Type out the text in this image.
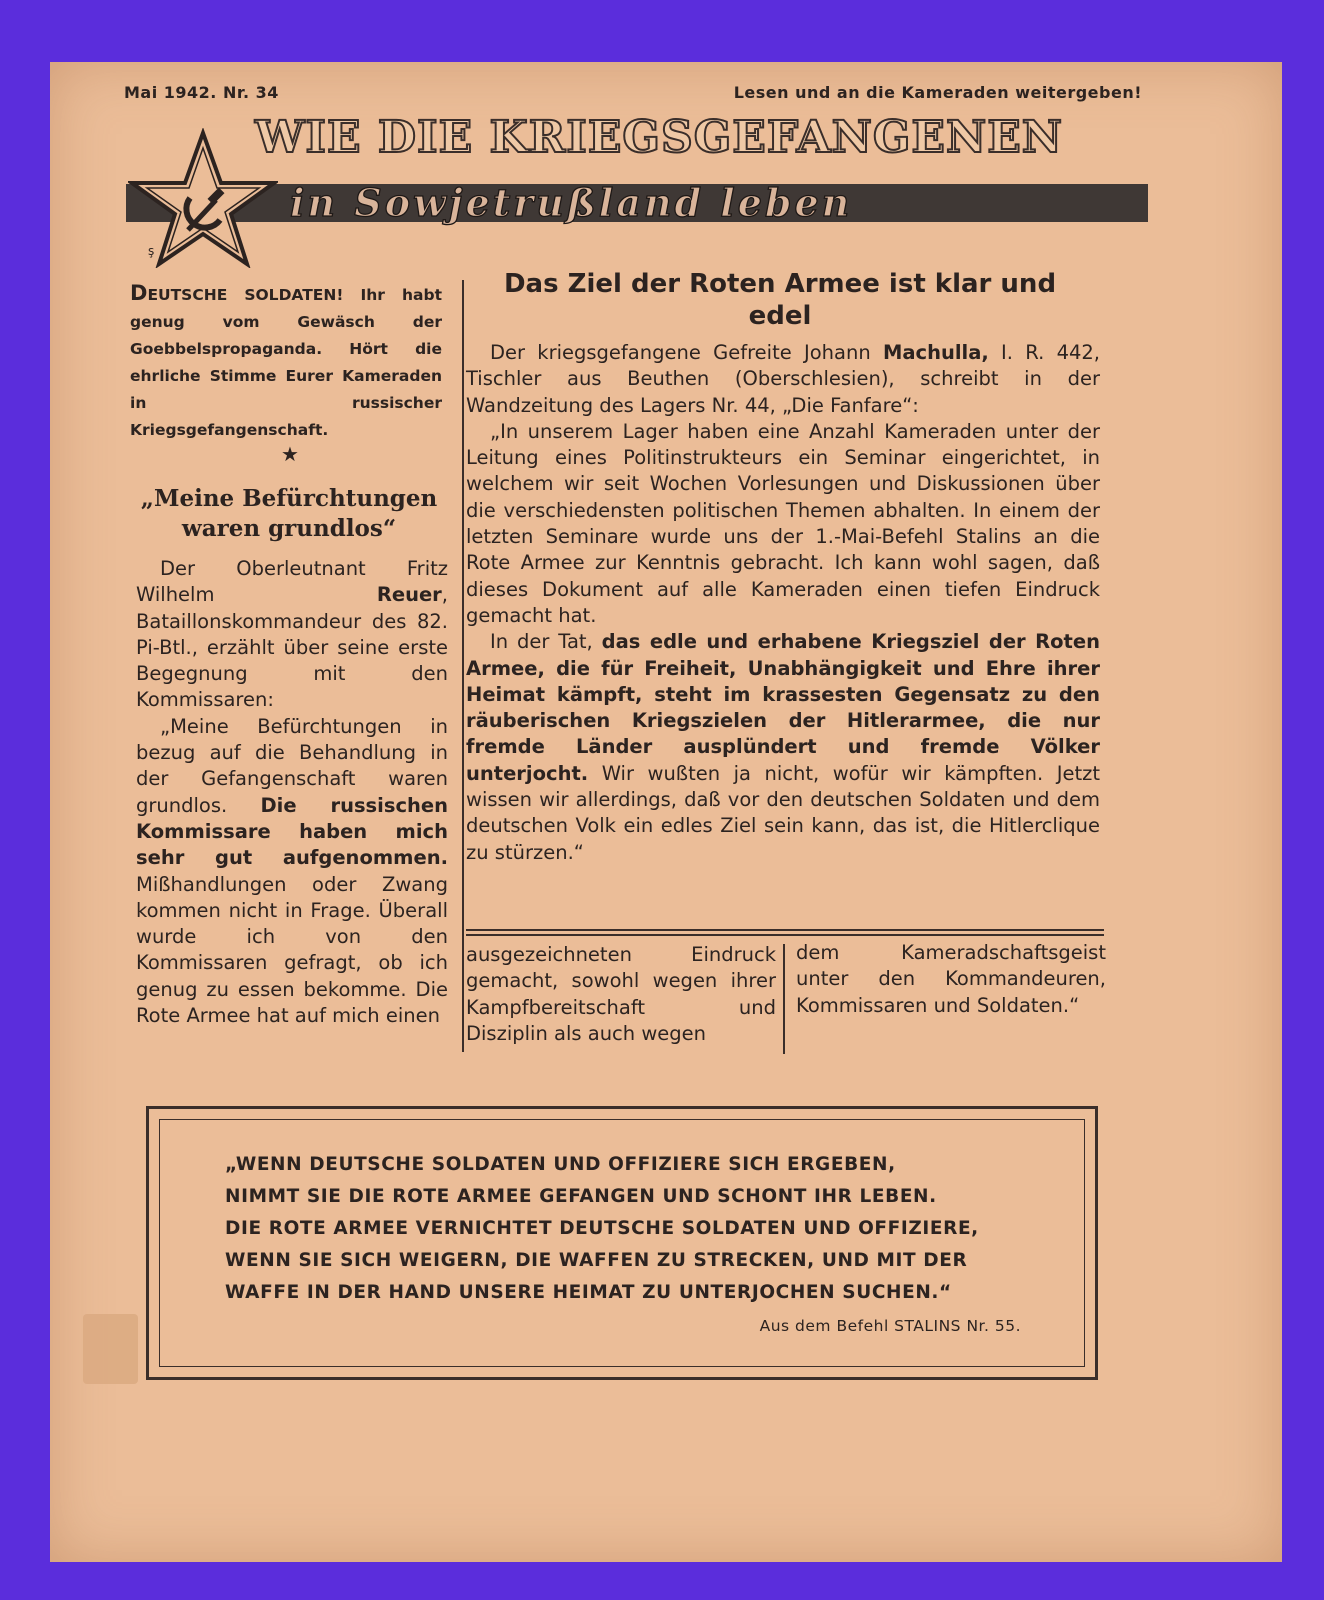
Mai 1942. Nr. 34	Lesen und an die Kameraden weitergeben!
WIE DIE KRIEGSGEFANGENEN
in Sowjetrußland leben
ş
DEUTSCHE SOLDATEN! Ihr habt genug vom Gewäsch der Goebbelspropaganda. Hört die ehrliche Stimme Eurer Kameraden in russischer Kriegsgefangenschaft.
★
„Meine Befürchtungen waren grundlos“

Der Oberleutnant Fritz Wilhelm Reuer, Bataillonskommandeur des 82. Pi-Btl., erzählt über seine erste Begegnung mit den Kommissaren:

„Meine Befürchtungen in bezug auf die Behandlung in der Gefangenschaft waren grundlos. Die russischen Kommissare haben mich sehr gut aufgenommen. Mißhandlungen oder Zwang kommen nicht in Frage. Überall wurde ich von den Kommissaren gefragt, ob ich genug zu essen bekomme. Die Rote Armee hat auf mich einen

Das Ziel der Roten Armee ist klar und edel

Der kriegsgefangene Gefreite Johann Machulla, I. R. 442, Tischler aus Beuthen (Oberschlesien), schreibt in der Wandzeitung des Lagers Nr. 44, „Die Fanfare“:

„In unserem Lager haben eine Anzahl Kameraden unter der Leitung eines Politinstrukteurs ein Seminar eingerichtet, in welchem wir seit Wochen Vorlesungen und Diskussionen über die verschiedensten politischen Themen abhalten. In einem der letzten Seminare wurde uns der 1.-Mai-Befehl Stalins an die Rote Armee zur Kenntnis gebracht. Ich kann wohl sagen, daß dieses Dokument auf alle Kameraden einen tiefen Eindruck gemacht hat.

In der Tat, das edle und erhabene Kriegsziel der Roten Armee, die für Freiheit, Unabhängigkeit und Ehre ihrer Heimat kämpft, steht im krassesten Gegensatz zu den räuberischen Kriegszielen der Hitlerarmee, die nur fremde Länder ausplündert und fremde Völker unterjocht. Wir wußten ja nicht, wofür wir kämpften. Jetzt wissen wir allerdings, daß vor den deutschen Soldaten und dem deutschen Volk ein edles Ziel sein kann, das ist, die Hitlerclique zu stürzen.“

ausgezeichneten Eindruck gemacht, sowohl wegen ihrer Kampfbereitschaft und Disziplin als auch wegen

dem Kameradschaftsgeist unter den Kommandeuren, Kommissaren und Soldaten.“

„WENN DEUTSCHE SOLDATEN UND OFFIZIERE SICH ERGEBEN,
NIMMT SIE DIE ROTE ARMEE GEFANGEN UND SCHONT IHR LEBEN.
DIE ROTE ARMEE VERNICHTET DEUTSCHE SOLDATEN UND OFFIZIERE,
WENN SIE SICH WEIGERN, DIE WAFFEN ZU STRECKEN, UND MIT DER
WAFFE IN DER HAND UNSERE HEIMAT ZU UNTERJOCHEN SUCHEN.“
Aus dem Befehl STALINS Nr. 55.
